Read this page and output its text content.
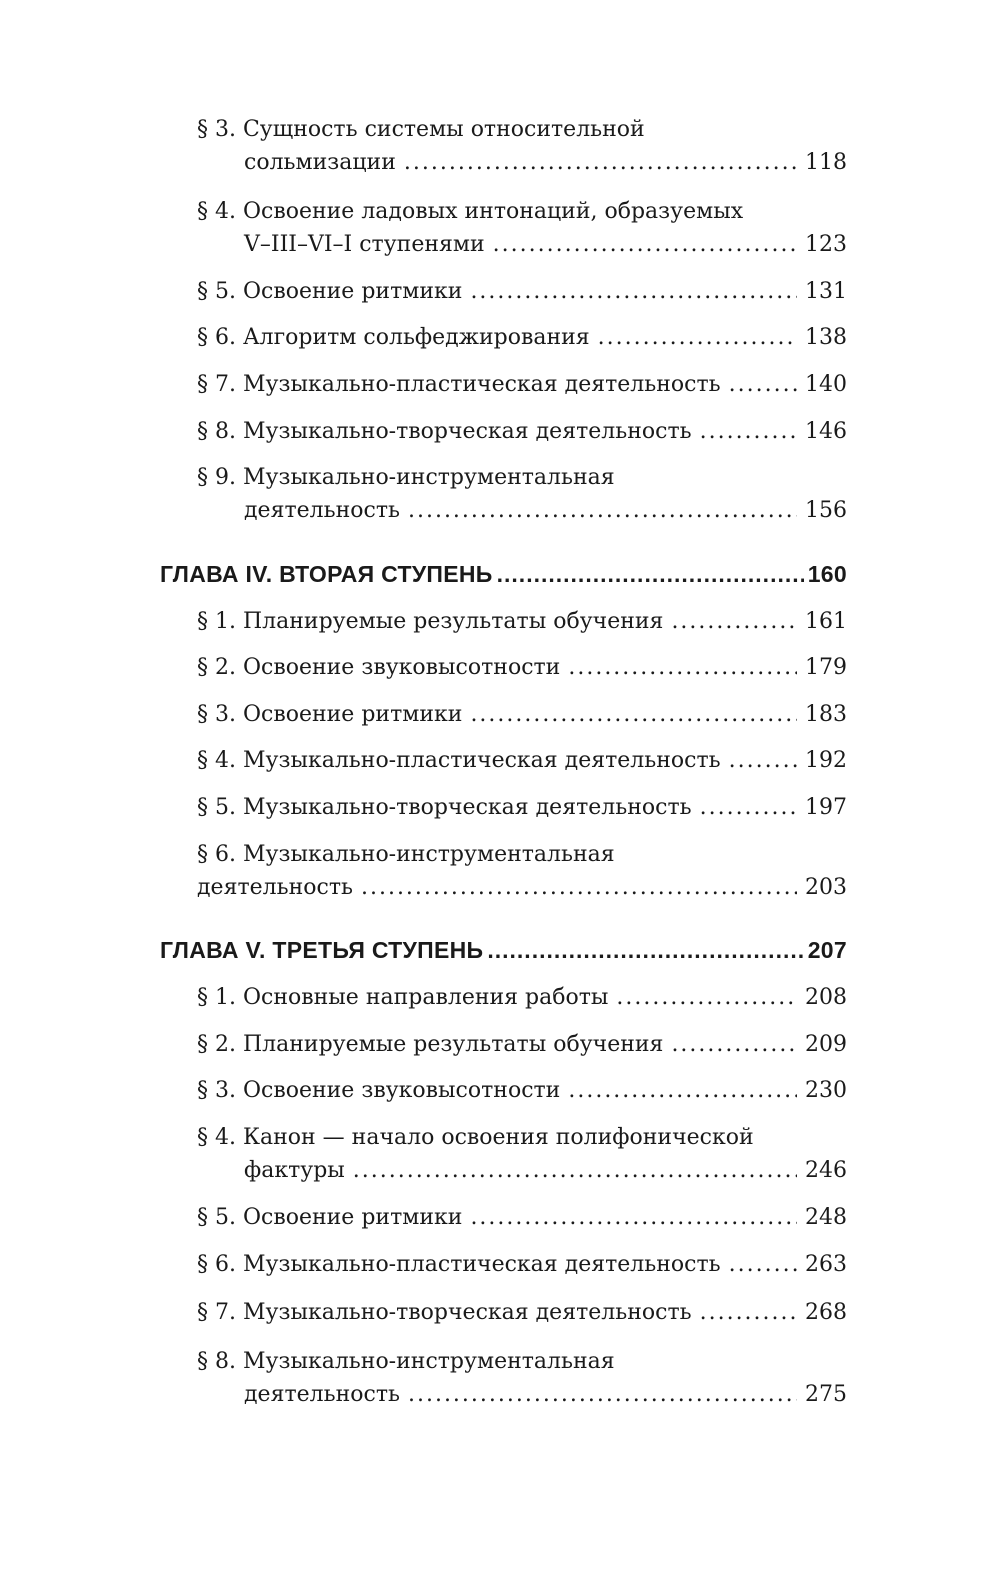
§ 3. Сущность системы относительной
сольмизации .....	118
§ 4. Освоение ладовых интонаций, образуемых
V–III–VI–I ступенями .....	123
§ 5. Освоение ритмики .....	131
§ 6. Алгоритм сольфеджирования .....	138
§ 7. Музыкально-пластическая деятельность .....	140
§ 8. Музыкально-творческая деятельность .....	146
§ 9. Музыкально-инструментальная
деятельность .....	156
ГЛАВА IV. ВТОРАЯ СТУПЕНЬ .....	160
§ 1. Планируемые результаты обучения .....	161
§ 2. Освоение звуковысотности .....	179
§ 3. Освоение ритмики .....	183
§ 4. Музыкально-пластическая деятельность .....	192
§ 5. Музыкально-творческая деятельность .....	197
§ 6. Музыкально-инструментальная
деятельность .....	203
ГЛАВА V. ТРЕТЬЯ СТУПЕНЬ .....	207
§ 1. Основные направления работы .....	208
§ 2. Планируемые результаты обучения .....	209
§ 3. Освоение звуковысотности .....	230
§ 4. Канон — начало освоения полифонической
фактуры .....	246
§ 5. Освоение ритмики .....	248
§ 6. Музыкально-пластическая деятельность .....	263
§ 7. Музыкально-творческая деятельность .....	268
§ 8. Музыкально-инструментальная
деятельность .....	275
